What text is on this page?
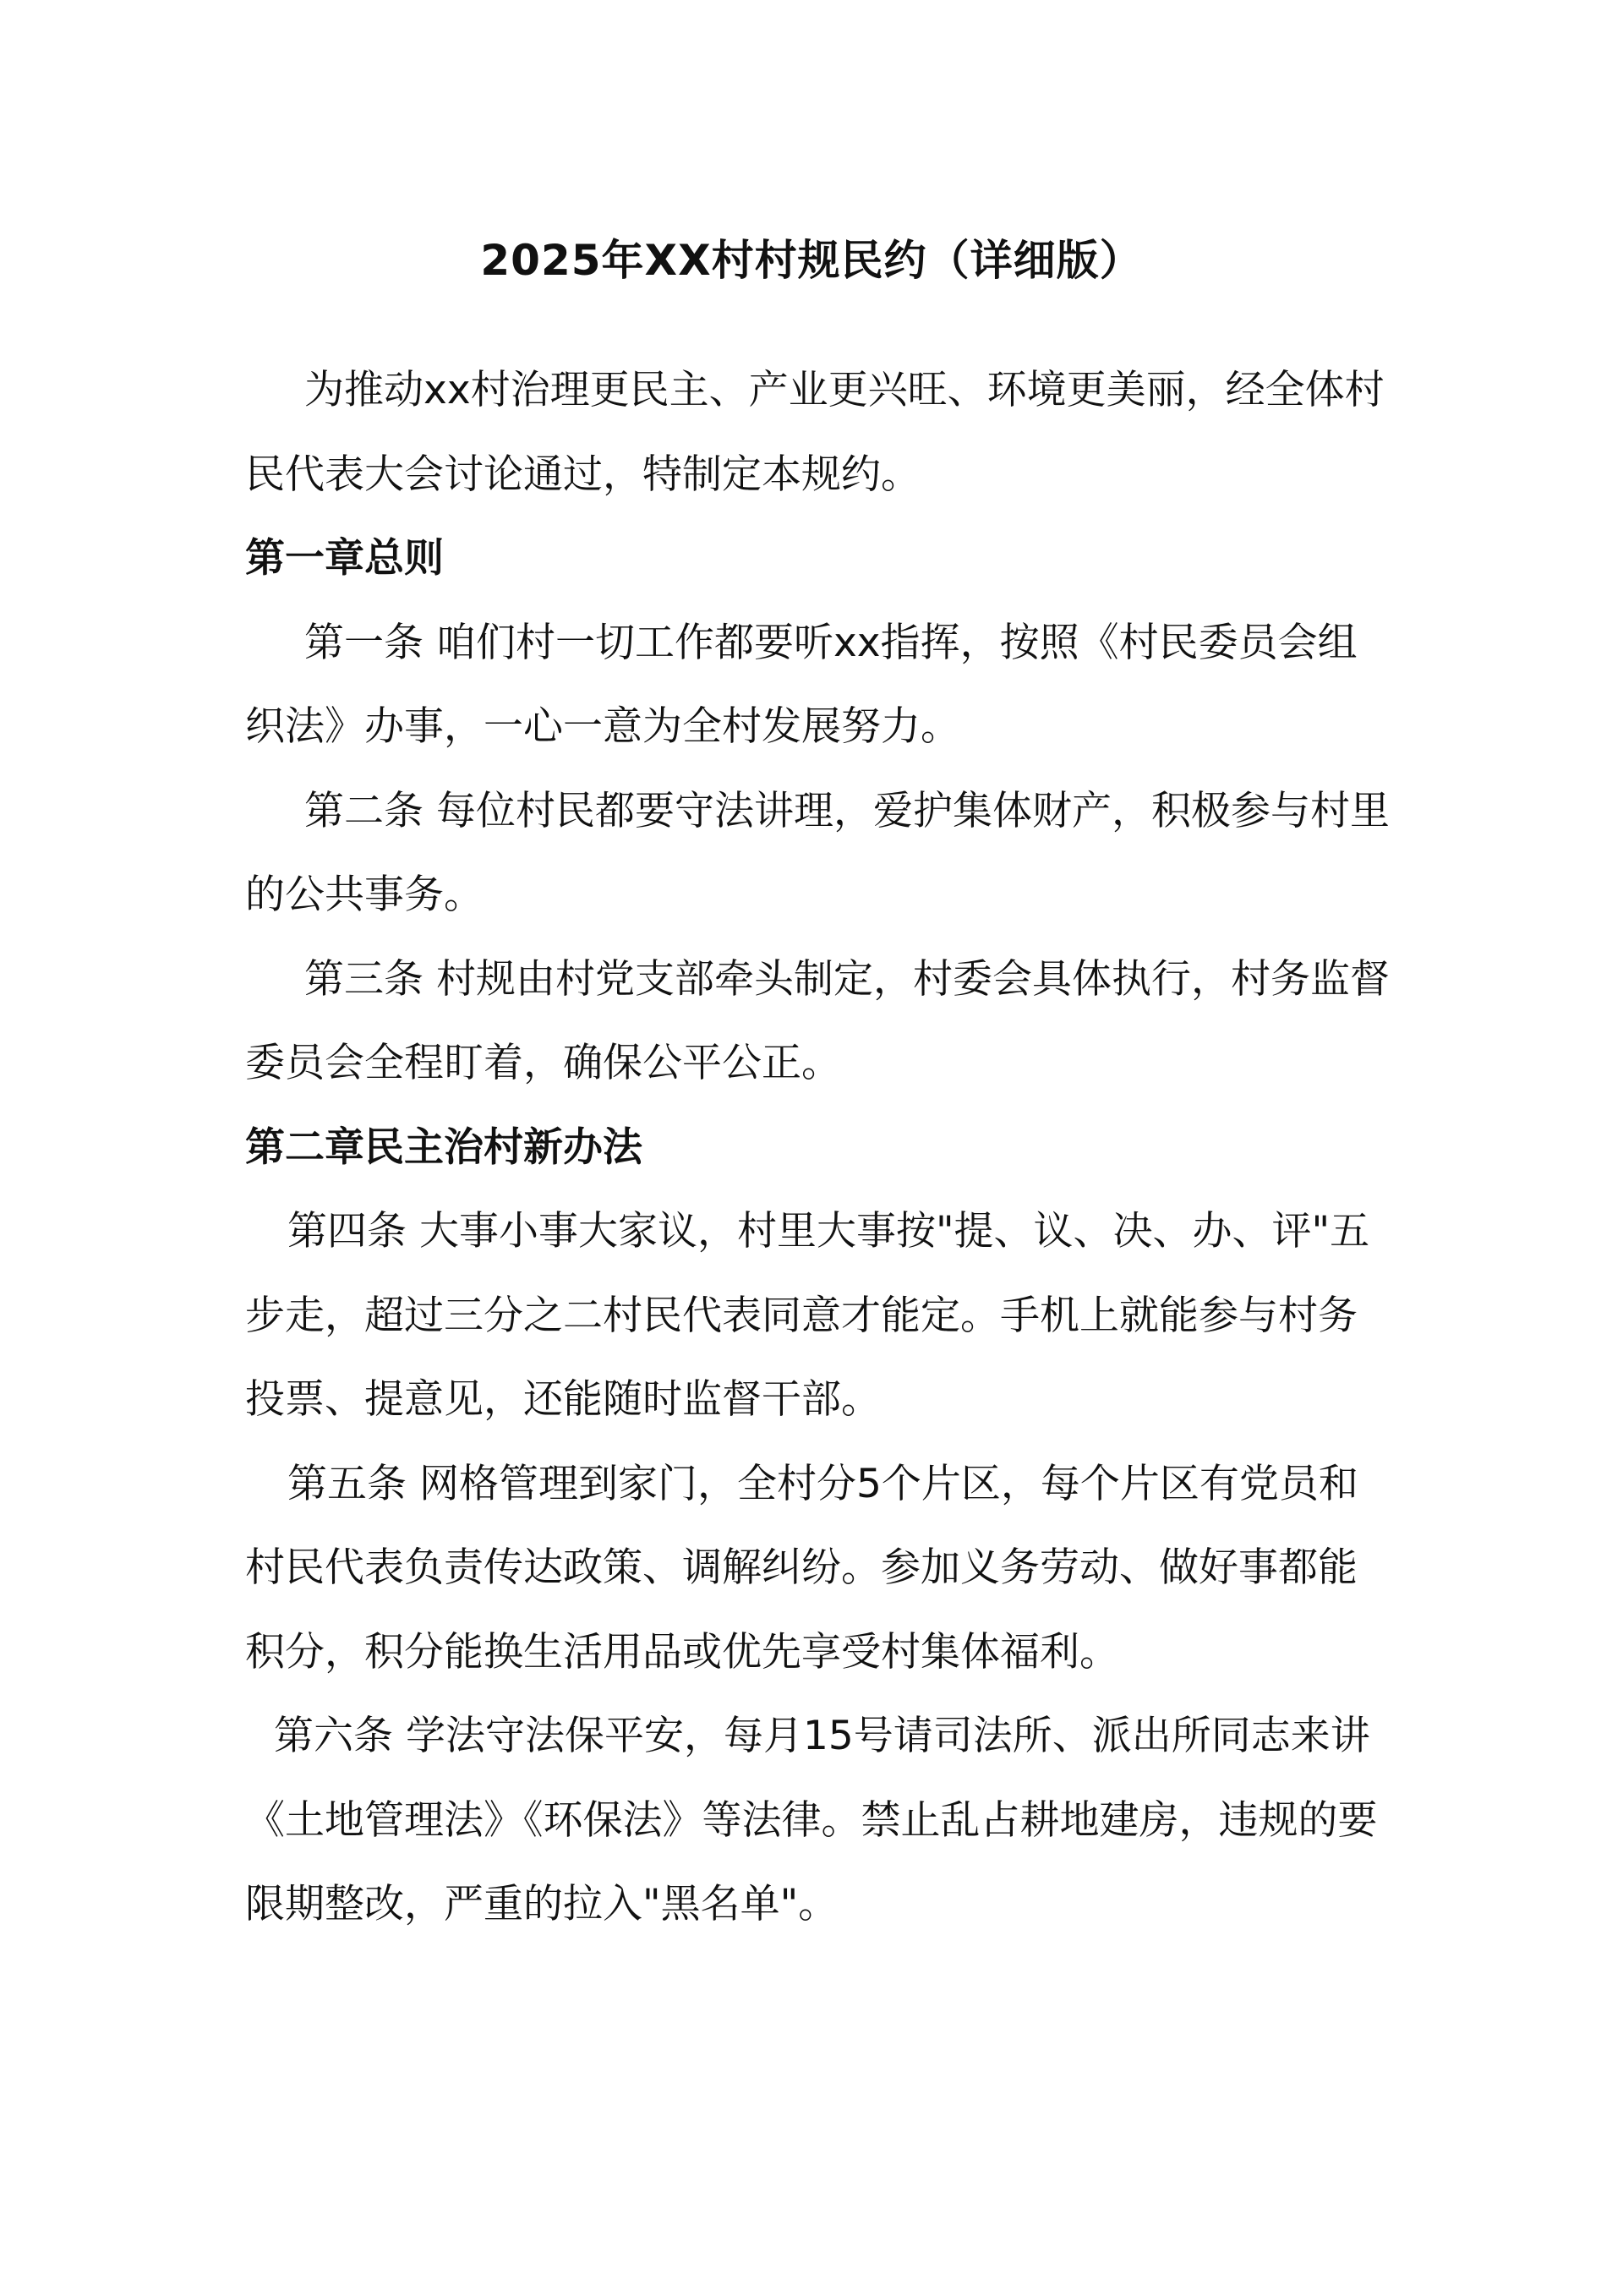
2025年XX村村规民约（详细版）

为推动xx村治理更民主、产业更兴旺、环境更美丽，经全体村民代表大会讨论通过，特制定本规约。

第一章总则

第一条 咱们村一切工作都要听xx指挥，按照《村民委员会组织法》办事，一心一意为全村发展努力。

第二条 每位村民都要守法讲理，爱护集体财产，积极参与村里的公共事务。

第三条 村规由村党支部牵头制定，村委会具体执行，村务监督委员会全程盯着，确保公平公正。

第二章民主治村新办法

第四条 大事小事大家议，村里大事按"提、议、决、办、评"五步走，超过三分之二村民代表同意才能定。手机上就能参与村务投票、提意见，还能随时监督干部。

第五条 网格管理到家门，全村分5个片区，每个片区有党员和村民代表负责传达政策、调解纠纷。参加义务劳动、做好事都能积分，积分能换生活用品或优先享受村集体福利。

第六条 学法守法保平安，每月15号请司法所、派出所同志来讲《土地管理法》《环保法》等法律。禁止乱占耕地建房，违规的要限期整改，严重的拉入"黑名单"。
